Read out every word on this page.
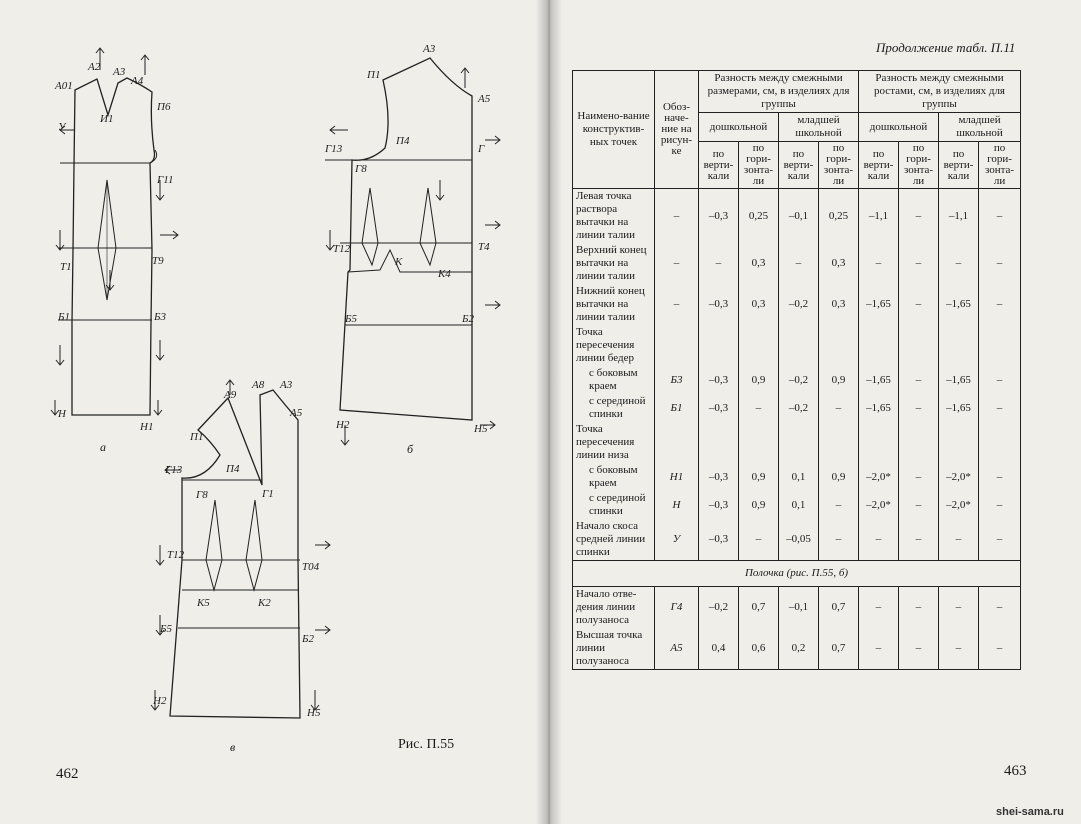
A01
A2 A3
A4
И1
П6
У
Г11
Т1	Т9
Б1	Б3
Н
Н1
A3
П1
A5
П4
Г13	Г
Г8
Т12
К
К4
Т4
Б5	Б2
Н2	Н5
A9
A8 A3
A5
П1
П4
Г13
Г8	Г1
Т12
Т04
К5	К2
Б5
Б2
Н2
Н5
а	б
в	Рис. П.55
462
Продолжение табл. П.11
Наимено-вание конструктив-ных точек	Обоз-наче-ние на рисун-ке	Разность между смежными размерами, см, в изделиях для группы				Разность между смежными ростами, см, в изделиях для группы			
		дошкольной		младшей школьной		дошкольной		младшей школьной	
		по верти-кали	по гори-зонта-ли	по верти-кали	по гори-зонта-ли	по верти-кали	по гори-зонта-ли	по верти-кали	по гори-зонта-ли
Левая точка раствора вытачки на линии талии	–	–0,3	0,25	–0,1	0,25	–1,1	–	–1,1	–
Верхний конец вытачки на линии талии	–	–	0,3	–	0,3	–	–	–	–
Нижний конец вытачки на линии талии	–	–0,3	0,3	–0,2	0,3	–1,65	–	–1,65	–
Точка пересечения линии бедер									
с боковым краем	Б3	–0,3	0,9	–0,2	0,9	–1,65	–	–1,65	–
с серединой спинки	Б1	–0,3	–	–0,2	–	–1,65	–	–1,65	–
Точка пересечения линии низа									
с боковым краем	Н1	–0,3	0,9	0,1	0,9	–2,0*	–	–2,0*	–
с серединой спинки	Н	–0,3	0,9	0,1	–	–2,0*	–	–2,0*	–
Начало скоса средней линии спинки	У	–0,3	–	–0,05	–	–	–	–	–
Полочка (рис. П.55, б)									
Начало отве-дения линии полузаноса	Г4	–0,2	0,7	–0,1	0,7	–	–	–	–
Высшая точка линии полузаноса	А5	0,4	0,6	0,2	0,7	–	–	–	–
463
shei-sama.ru
